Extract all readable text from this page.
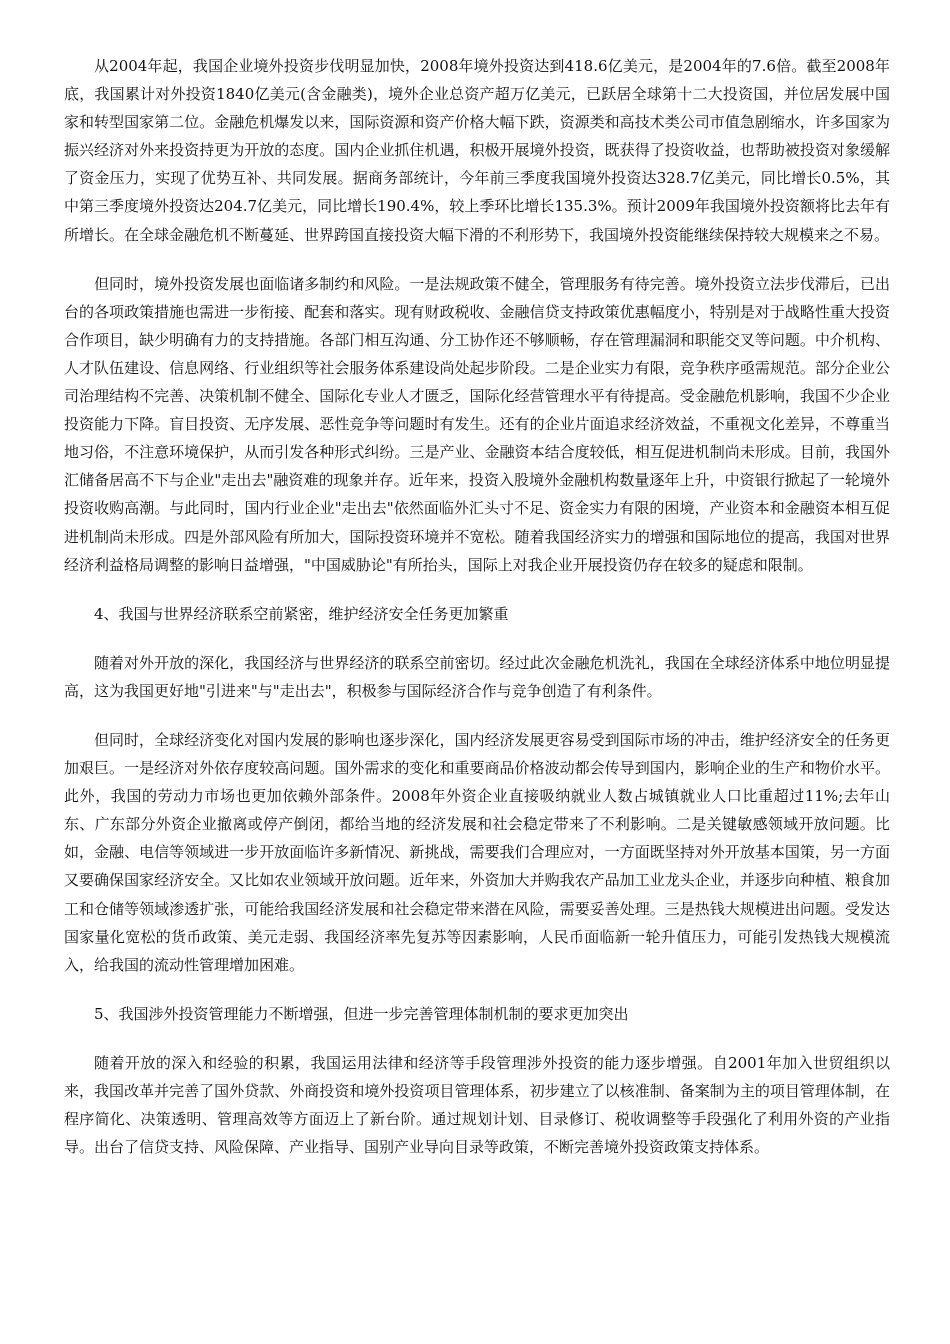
从2004年起，我国企业境外投资步伐明显加快，2008年境外投资达到418.6亿美元，是2004年的7.6倍。截至2008年底，我国累计对外投资1840亿美元(含金融类)，境外企业总资产超万亿美元，已跃居全球第十二大投资国，并位居发展中国家和转型国家第二位。金融危机爆发以来，国际资源和资产价格大幅下跌，资源类和高技术类公司市值急剧缩水，许多国家为振兴经济对外来投资持更为开放的态度。国内企业抓住机遇，积极开展境外投资，既获得了投资收益，也帮助被投资对象缓解了资金压力，实现了优势互补、共同发展。据商务部统计，今年前三季度我国境外投资达328.7亿美元，同比增长0.5%，其中第三季度境外投资达204.7亿美元，同比增长190.4%，较上季环比增长135.3%。预计2009年我国境外投资额将比去年有所增长。在全球金融危机不断蔓延、世界跨国直接投资大幅下滑的不利形势下，我国境外投资能继续保持较大规模来之不易。

但同时，境外投资发展也面临诸多制约和风险。一是法规政策不健全，管理服务有待完善。境外投资立法步伐滞后，已出台的各项政策措施也需进一步衔接、配套和落实。现有财政税收、金融信贷支持政策优惠幅度小，特别是对于战略性重大投资合作项目，缺少明确有力的支持措施。各部门相互沟通、分工协作还不够顺畅，存在管理漏洞和职能交叉等问题。中介机构、人才队伍建设、信息网络、行业组织等社会服务体系建设尚处起步阶段。二是企业实力有限，竞争秩序亟需规范。部分企业公司治理结构不完善、决策机制不健全、国际化专业人才匮乏，国际化经营管理水平有待提高。受金融危机影响，我国不少企业投资能力下降。盲目投资、无序发展、恶性竞争等问题时有发生。还有的企业片面追求经济效益，不重视文化差异，不尊重当地习俗，不注意环境保护，从而引发各种形式纠纷。三是产业、金融资本结合度较低，相互促进机制尚未形成。目前，我国外汇储备居高不下与企业"走出去"融资难的现象并存。近年来，投资入股境外金融机构数量逐年上升，中资银行掀起了一轮境外投资收购高潮。与此同时，国内行业企业"走出去"依然面临外汇头寸不足、资金实力有限的困境，产业资本和金融资本相互促进机制尚未形成。四是外部风险有所加大，国际投资环境并不宽松。随着我国经济实力的增强和国际地位的提高，我国对世界经济利益格局调整的影响日益增强，"中国威胁论"有所抬头，国际上对我企业开展投资仍存在较多的疑虑和限制。

4、我国与世界经济联系空前紧密，维护经济安全任务更加繁重

随着对外开放的深化，我国经济与世界经济的联系空前密切。经过此次金融危机洗礼，我国在全球经济体系中地位明显提高，这为我国更好地"引进来"与"走出去"，积极参与国际经济合作与竞争创造了有利条件。

但同时，全球经济变化对国内发展的影响也逐步深化，国内经济发展更容易受到国际市场的冲击，维护经济安全的任务更加艰巨。一是经济对外依存度较高问题。国外需求的变化和重要商品价格波动都会传导到国内，影响企业的生产和物价水平。此外，我国的劳动力市场也更加依赖外部条件。2008年外资企业直接吸纳就业人数占城镇就业人口比重超过11%;去年山东、广东部分外资企业撤离或停产倒闭，都给当地的经济发展和社会稳定带来了不利影响。二是关键敏感领域开放问题。比如，金融、电信等领域进一步开放面临许多新情况、新挑战，需要我们合理应对，一方面既坚持对外开放基本国策，另一方面又要确保国家经济安全。又比如农业领域开放问题。近年来，外资加大并购我农产品加工业龙头企业，并逐步向种植、粮食加工和仓储等领域渗透扩张，可能给我国经济发展和社会稳定带来潜在风险，需要妥善处理。三是热钱大规模进出问题。受发达国家量化宽松的货币政策、美元走弱、我国经济率先复苏等因素影响，人民币面临新一轮升值压力，可能引发热钱大规模流入，给我国的流动性管理增加困难。

5、我国涉外投资管理能力不断增强，但进一步完善管理体制机制的要求更加突出

随着开放的深入和经验的积累，我国运用法律和经济等手段管理涉外投资的能力逐步增强。自2001年加入世贸组织以来，我国改革并完善了国外贷款、外商投资和境外投资项目管理体系，初步建立了以核准制、备案制为主的项目管理体制，在程序简化、决策透明、管理高效等方面迈上了新台阶。通过规划计划、目录修订、税收调整等手段强化了利用外资的产业指导。出台了信贷支持、风险保障、产业指导、国别产业导向目录等政策，不断完善境外投资政策支持体系。
